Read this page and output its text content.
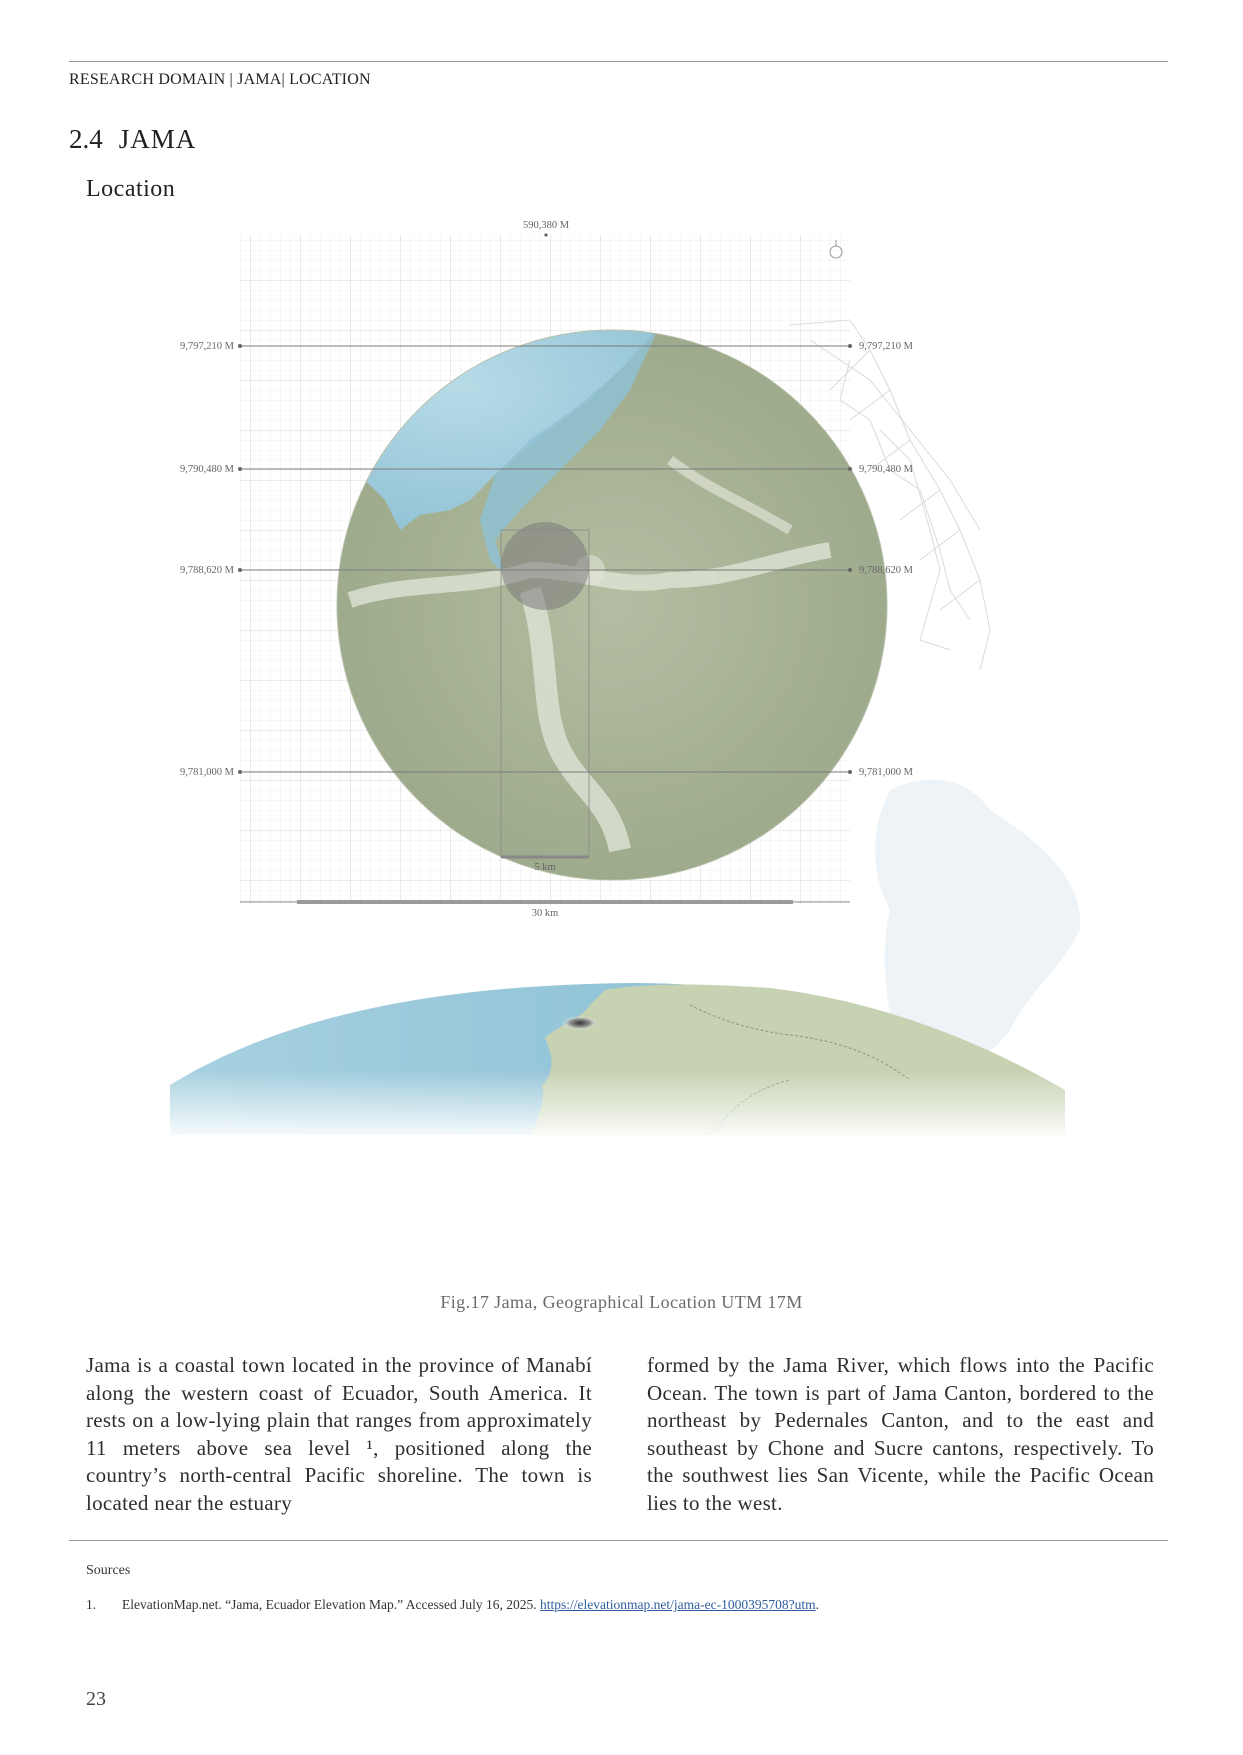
RESEARCH DOMAIN | JAMA| LOCATION
2.4 JAMA
Location
590,380 M
9,797,210 M
9,790,480 M
9,788,620 M
9,781,000 M
9,797,210 M
9,790,480 M
9,788,620 M
9,781,000 M
5 km
30 km
Fig.17 Jama, Geographical Location UTM 17M
Jama is a coastal town located in the province of Manabí along the western coast of Ecuador, South America. It rests on a low-lying plain that ranges from approximately 11 meters above sea level ¹, positioned along the country’s north-central Pacific shoreline. The town is located near the estuary
formed by the Jama River, which flows into the Pacific Ocean. The town is part of Jama Canton, bordered to the northeast by Pedernales Canton, and to the east and southeast by Chone and Sucre cantons, respectively. To the southwest lies San Vicente, while the Pacific Ocean lies to the west.
Sources
1. ElevationMap.net. “Jama, Ecuador Elevation Map.” Accessed July 16, 2025. https://elevationmap.net/jama-ec-1000395708?utm.
23
